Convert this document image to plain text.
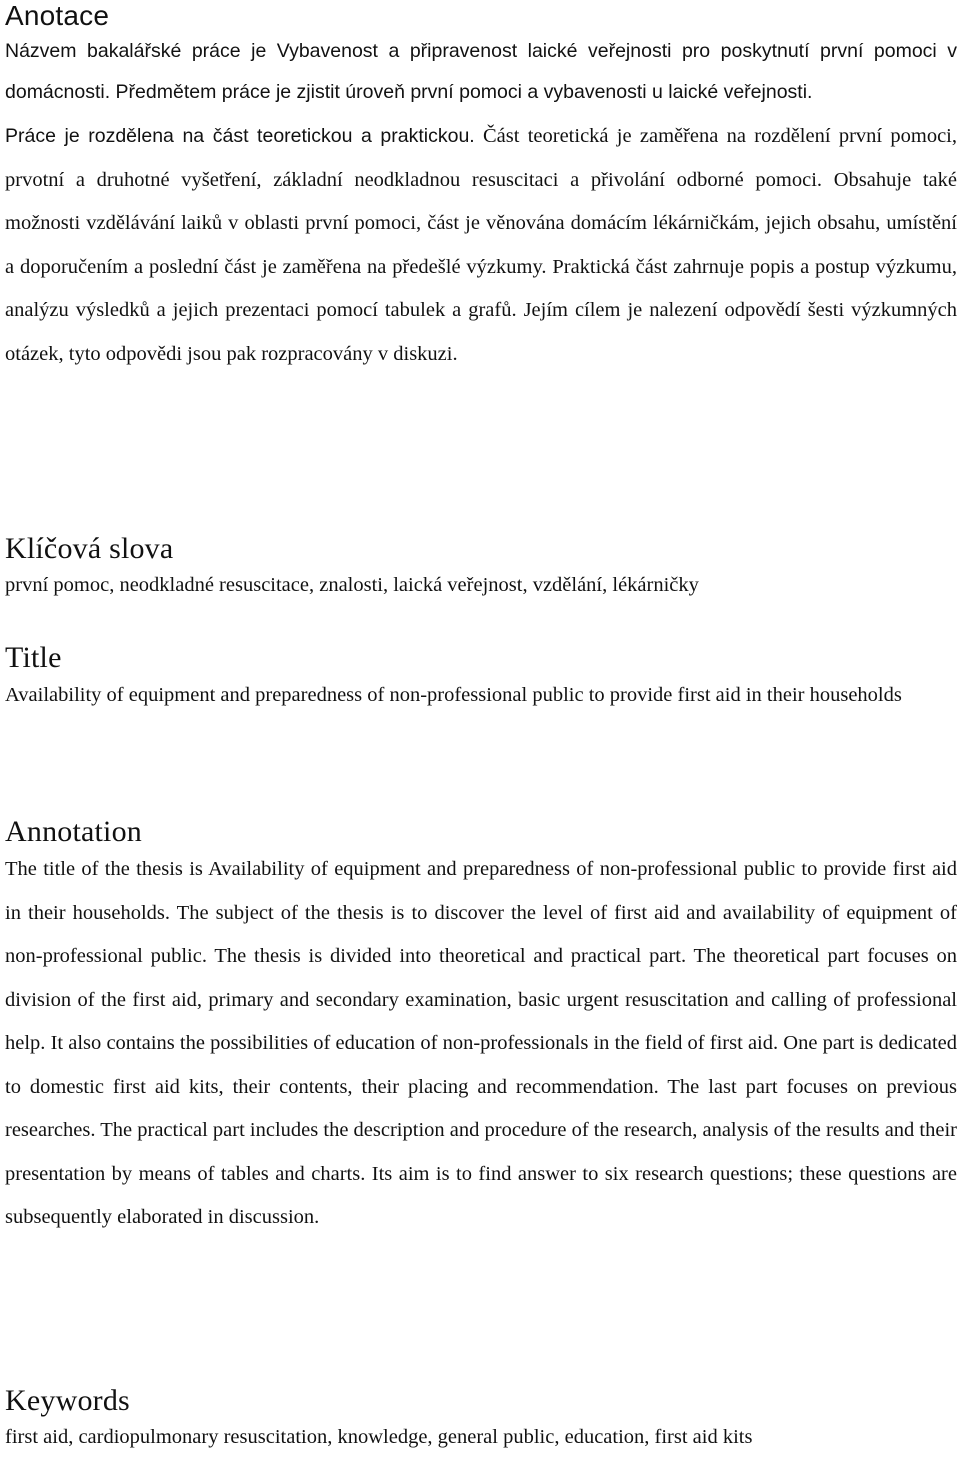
Anotace

Názvem bakalářské práce je Vybavenost a připravenost laické veřejnosti pro poskytnutí první pomoci v domácnosti. Předmětem práce je zjistit úroveň první pomoci a vybavenosti u laické veřejnosti.

Práce je rozdělena na část teoretickou a praktickou. Část teoretická je zaměřena na rozdělení první pomoci, prvotní a druhotné vyšetření, základní neodkladnou resuscitaci a přivolání odborné pomoci. Obsahuje také možnosti vzdělávání laiků v oblasti první pomoci, část je věnována domácím lékárničkám, jejich obsahu, umístění a doporučením a poslední část je zaměřena na předešlé výzkumy. Praktická část zahrnuje popis a postup výzkumu, analýzu výsledků a jejich prezentaci pomocí tabulek a grafů. Jejím cílem je nalezení odpovědí šesti výzkumných otázek, tyto odpovědi jsou pak rozpracovány v diskuzi.

Klíčová slova

první pomoc, neodkladné resuscitace, znalosti, laická veřejnost, vzdělání, lékárničky

Title

Availability of equipment and preparedness of non-professional public to provide first aid in their households

Annotation

The title of the thesis is Availability of equipment and preparedness of non-professional public to provide first aid in their households. The subject of the thesis is to discover the level of first aid and availability of equipment of non-professional public. The thesis is divided into theoretical and practical part. The theoretical part focuses on division of the first aid, primary and secondary examination, basic urgent resuscitation and calling of professional help. It also contains the possibilities of education of non-professionals in the field of first aid. One part is dedicated to domestic first aid kits, their contents, their placing and recommendation. The last part focuses on previous researches. The practical part includes the description and procedure of the research, analysis of the results and their presentation by means of tables and charts. Its aim is to find answer to six research questions; these questions are subsequently elaborated in discussion.

Keywords

first aid, cardiopulmonary resuscitation, knowledge, general public, education, first aid kits
